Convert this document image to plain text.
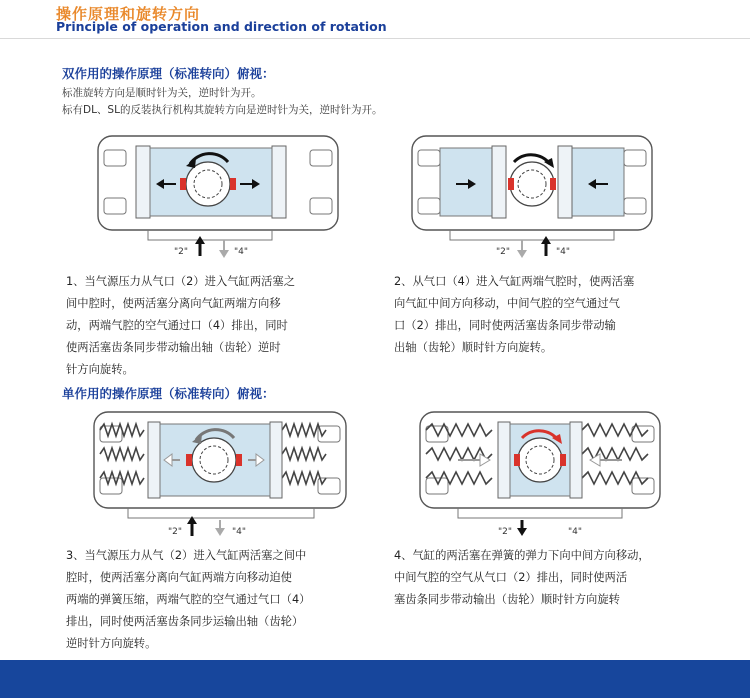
操作原理和旋转方向
Principle of operation and direction of rotation
双作用的操作原理（标准转向）俯视：
标准旋转方向是顺时针为关，逆时针为开。
标有DL、SL的反装执行机构其旋转方向是逆时针为关，逆时针为开。
"2"	"4"	"2"	"4"
1、当气源压力从气口（2）进入气缸两活塞之
间中腔时，使两活塞分离向气缸两端方向移
动，两端气腔的空气通过口（4）排出，同时
使两活塞齿条同步带动输出轴（齿轮）逆时
针方向旋转。
2、从气口（4）进入气缸两端气腔时，使两活塞
向气缸中间方向移动，中间气腔的空气通过气
口（2）排出，同时使两活塞齿条同步带动输
出轴（齿轮）顺时针方向旋转。
单作用的操作原理（标准转向）俯视：
"2"	"4"	"2"	"4"
3、当气源压力从气（2）进入气缸两活塞之间中
腔时，使两活塞分离向气缸两端方向移动迫使
两端的弹簧压缩，两端气腔的空气通过气口（4）
排出，同时使两活塞齿条同步运输出轴（齿轮）
逆时针方向旋转。
4、气缸的两活塞在弹簧的弹力下向中间方向移动，
中间气腔的空气从气口（2）排出，同时使两活
塞齿条同步带动输出（齿轮）顺时针方向旋转
